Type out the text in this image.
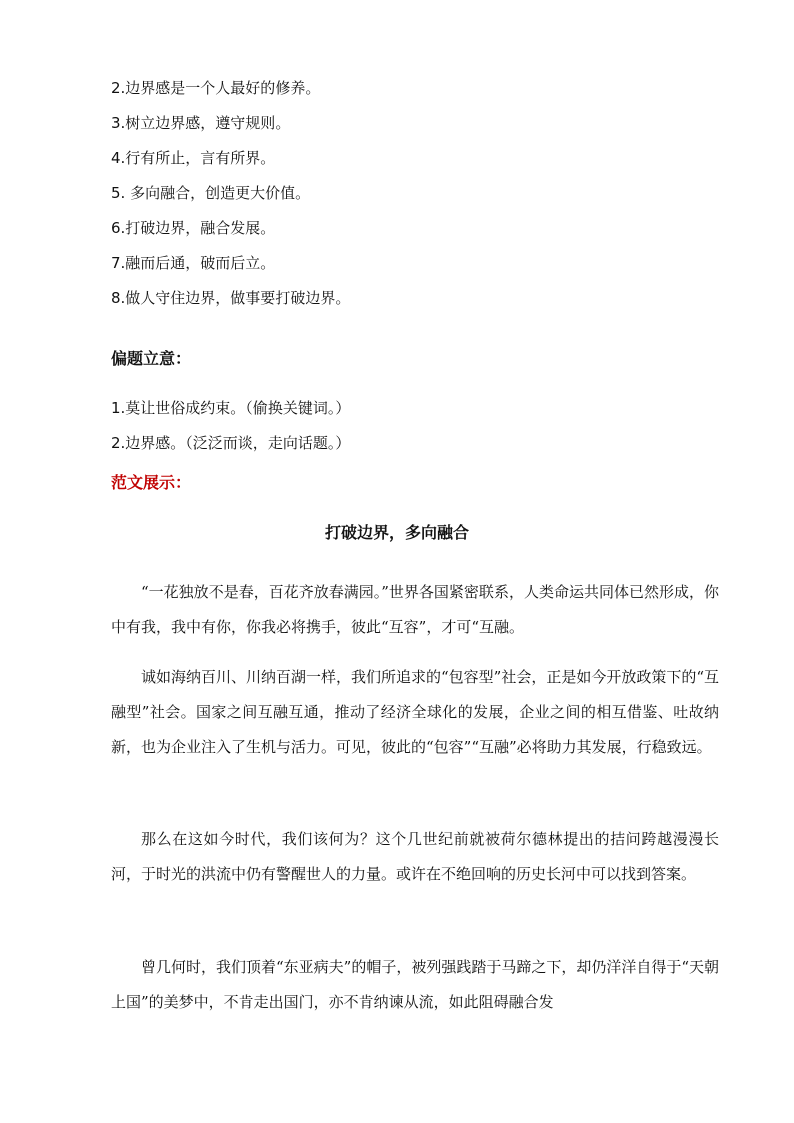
2.边界感是一个人最好的修养。
3.树立边界感，遵守规则。
4.行有所止，言有所界。
5. 多向融合，创造更大价值。
6.打破边界，融合发展。
7.融而后通，破而后立。
8.做人守住边界，做事要打破边界。
偏题立意：
1.莫让世俗成约束。（偷换关键词。）
2.边界感。（泛泛而谈，走向话题。）
范文展示：
打破边界，多向融合
“一花独放不是春，百花齐放春满园。”世界各国紧密联系，人类命运共同体已然形成，你中有我，我中有你，你我必将携手，彼此“互容”，才可“互融。
诚如海纳百川、川纳百湖一样，我们所追求的“包容型”社会，正是如今开放政策下的“互融型”社会。国家之间互融互通，推动了经济全球化的发展，企业之间的相互借鉴、吐故纳新，也为企业注入了生机与活力。可见，彼此的“包容”“互融”必将助力其发展，行稳致远。
那么在这如今时代，我们该何为？这个几世纪前就被荷尔德林提出的拮问跨越漫漫长河，于时光的洪流中仍有警醒世人的力量。或许在不绝回响的历史长河中可以找到答案。
曾几何时，我们顶着“东亚病夫”的帽子，被列强践踏于马蹄之下，却仍洋洋自得于“天朝上国”的美梦中，不肯走出国门，亦不肯纳谏从流，如此阻碍融合发
